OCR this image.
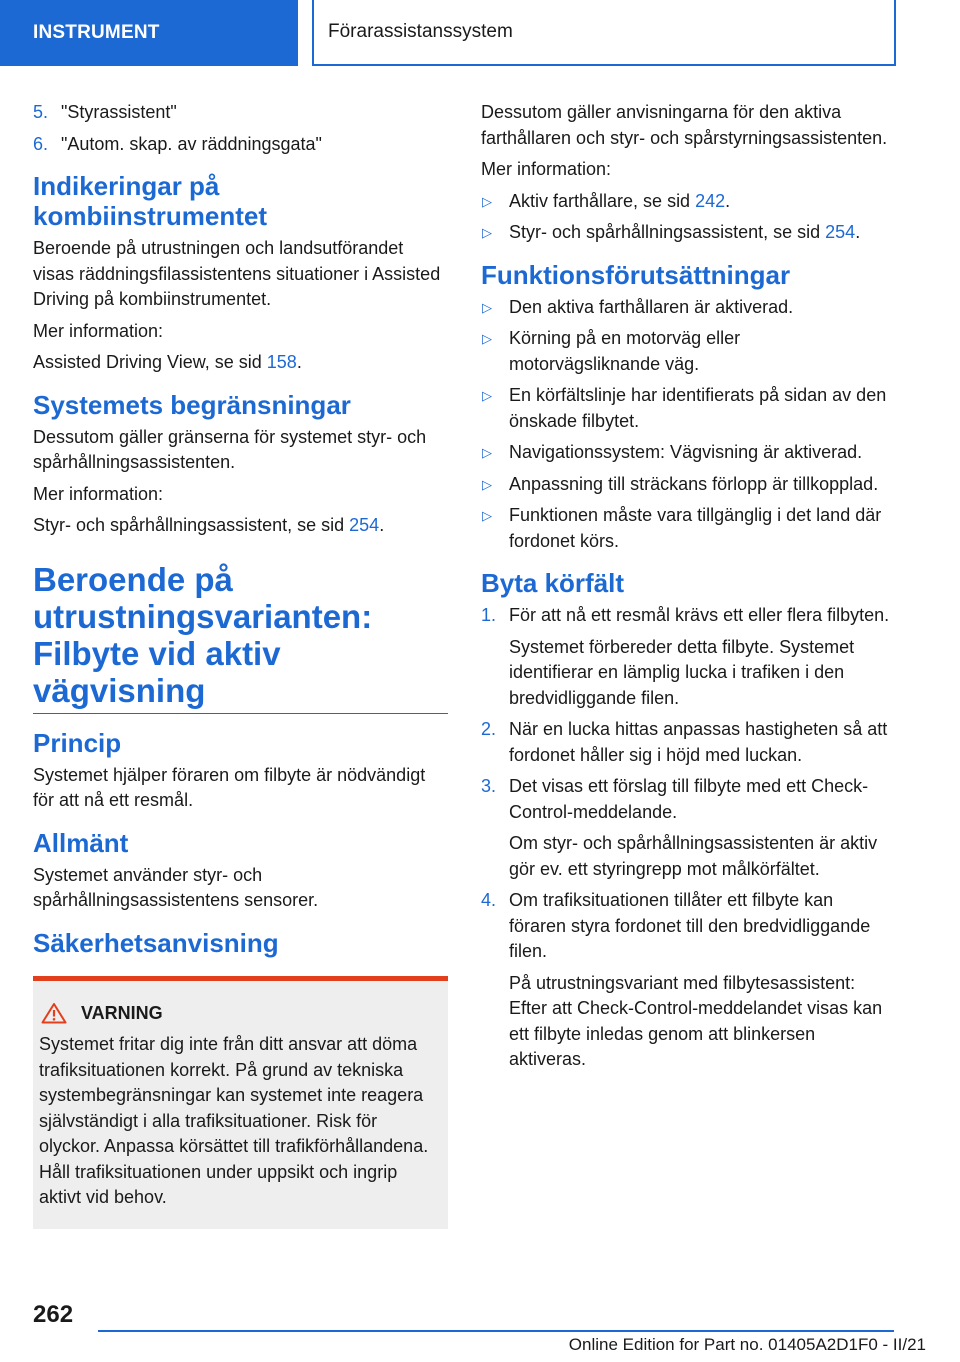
INSTRUMENT	Förarassistanssystem
5. "Styrassistent"
6. "Autom. skap. av räddningsgata"
Indikeringar på kombiinstrumentet

Beroende på utrustningen och landsutförandet visas räddningsfilassistentens situationer i Assisted Driving på kombiinstrumentet.

Mer information:

Assisted Driving View, se sid 158.

Systemets begränsningar

Dessutom gäller gränserna för systemet styr- och spårhållningsassistenten.

Mer information:

Styr- och spårhållningsassistent, se sid 254.

Beroende på utrustningsvarianten: Filbyte vid aktiv vägvisning
Princip

Systemet hjälper föraren om filbyte är nödvändigt för att nå ett resmål.

Allmänt

Systemet använder styr- och spårhållningsassistentens sensorer.

Säkerhetsanvisning
VARNING
Systemet fritar dig inte från ditt ansvar att döma trafiksituationen korrekt. På grund av tekniska systembegränsningar kan systemet inte reagera självständigt i alla trafiksituationer. Risk för olyckor. Anpassa körsättet till trafikförhållandena. Håll trafiksituationen under uppsikt och ingrip aktivt vid behov.

Dessutom gäller anvisningarna för den aktiva farthållaren och styr- och spårstyrningsassistenten.

Mer information:

▷ Aktiv farthållare, se sid 242.
▷ Styr- och spårhållningsassistent, se sid 254.
Funktionsförutsättningar
▷ Den aktiva farthållaren är aktiverad.
▷ Körning på en motorväg eller motorvägsliknande väg.
▷ En körfältslinje har identifierats på sidan av den önskade filbytet.
▷ Navigationssystem: Vägvisning är aktiverad.
▷ Anpassning till sträckans förlopp är tillkopplad.
▷ Funktionen måste vara tillgänglig i det land där fordonet körs.
Byta körfält
1. För att nå ett resmål krävs ett eller flera filbyten.
Systemet förbereder detta filbyte. Systemet identifierar en lämplig lucka i trafiken i den bredvidliggande filen.
2. När en lucka hittas anpassas hastigheten så att fordonet håller sig i höjd med luckan.
3. Det visas ett förslag till filbyte med ett Check-Control-meddelande.
Om styr- och spårhållningsassistenten är aktiv gör ev. ett styringrepp mot målkörfältet.
4. Om trafiksituationen tillåter ett filbyte kan föraren styra fordonet till den bredvidliggande filen.
På utrustningsvariant med filbytesassistent: Efter att Check-Control-meddelandet visas kan ett filbyte inledas genom att blinkersen aktiveras.
262
Online Edition for Part no. 01405A2D1F0 - II/21
